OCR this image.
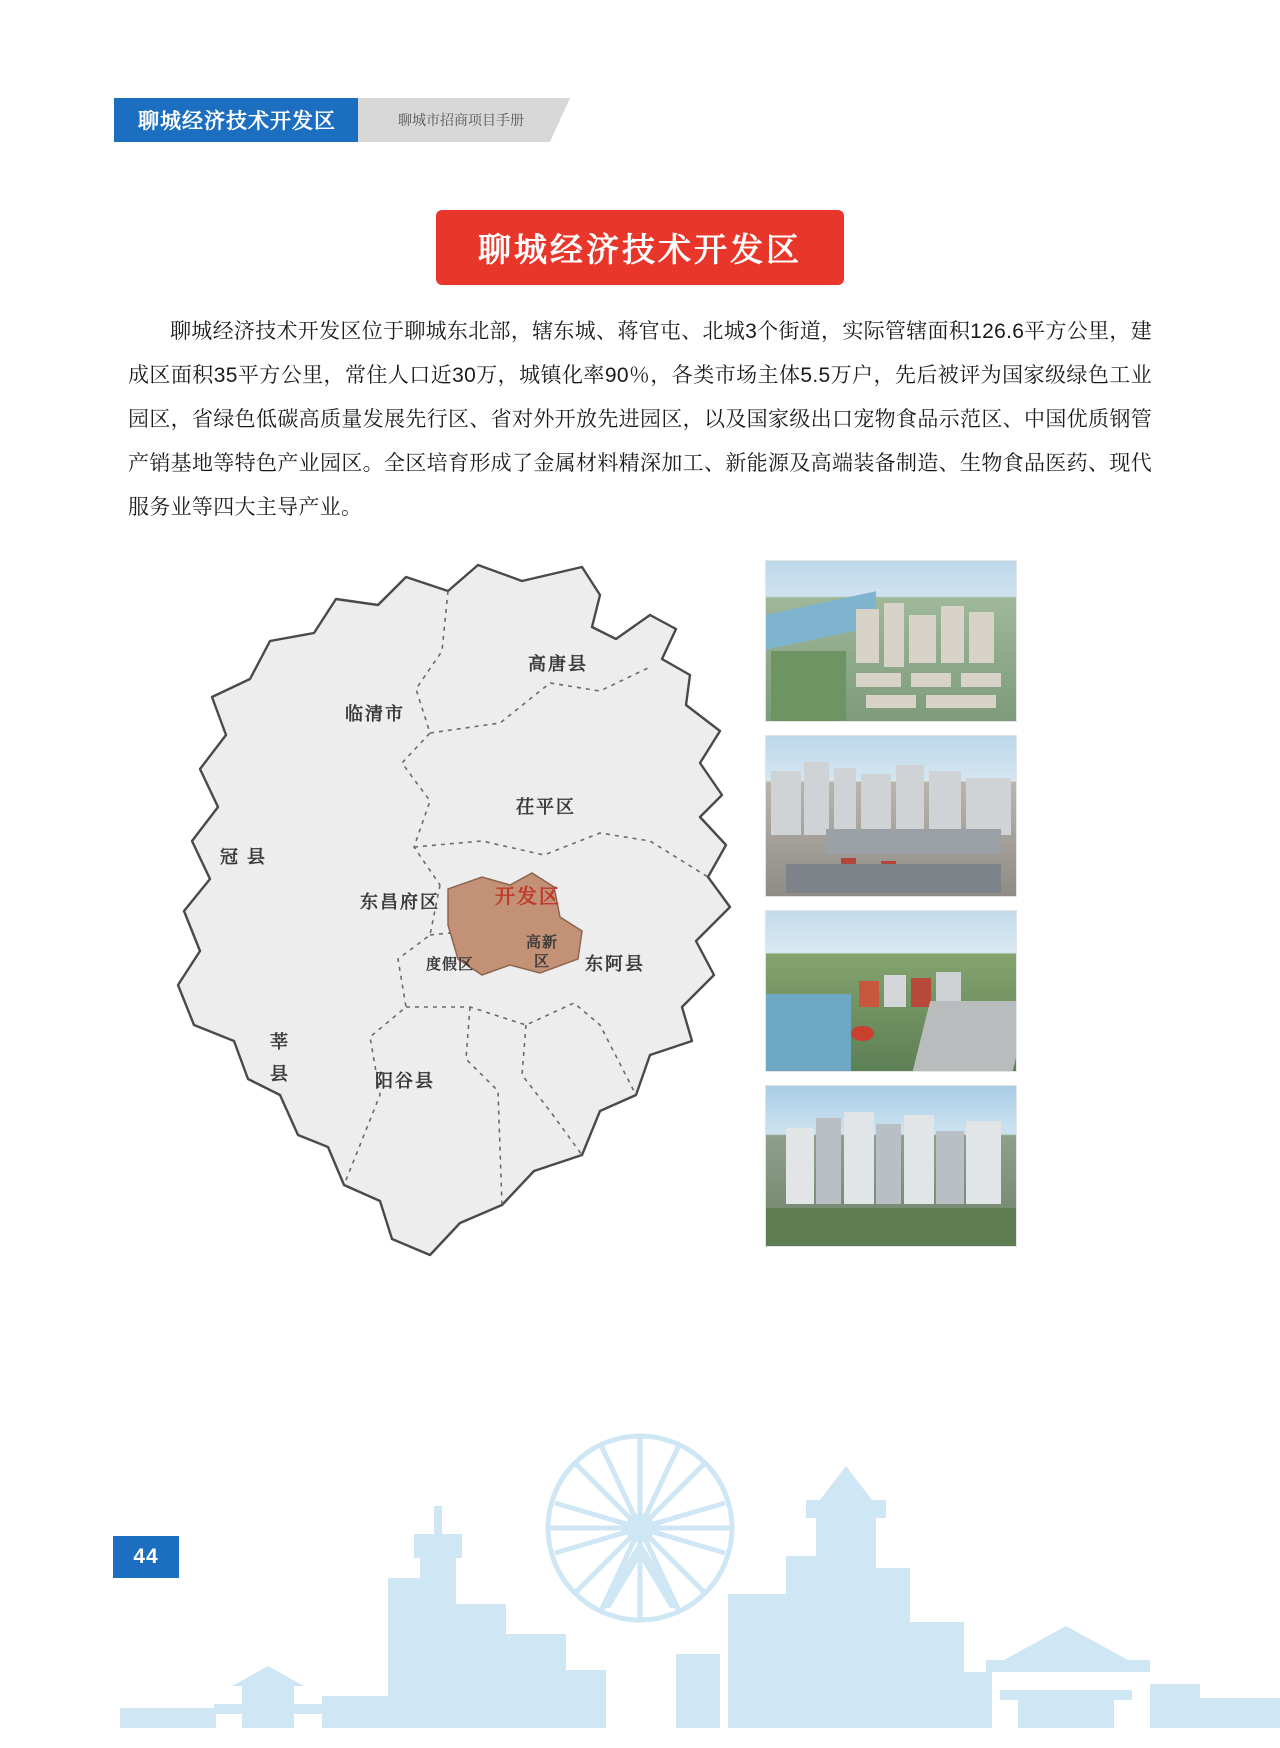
聊城经济技术开发区	聊城市招商项目手册
聊城经济技术开发区
聊城经济技术开发区位于聊城东北部，辖东城、蒋官屯、北城3个街道，实际管辖面积126.6平方公里，建成区面积35平方公里，常住人口近30万，城镇化率90％，各类市场主体5.5万户，先后被评为国家级绿色工业园区，省绿色低碳高质量发展先行区、省对外开放先进园区，以及国家级出口宠物食品示范区、中国优质钢管产销基地等特色产业园区。全区培育形成了金属材料精深加工、新能源及高端装备制造、生物食品医药、现代服务业等四大主导产业。
高唐县
临清市
茌平区
冠 县
东昌府区	开发区
度假区
高新
区	东阿县
莘
县	阳谷县
44
